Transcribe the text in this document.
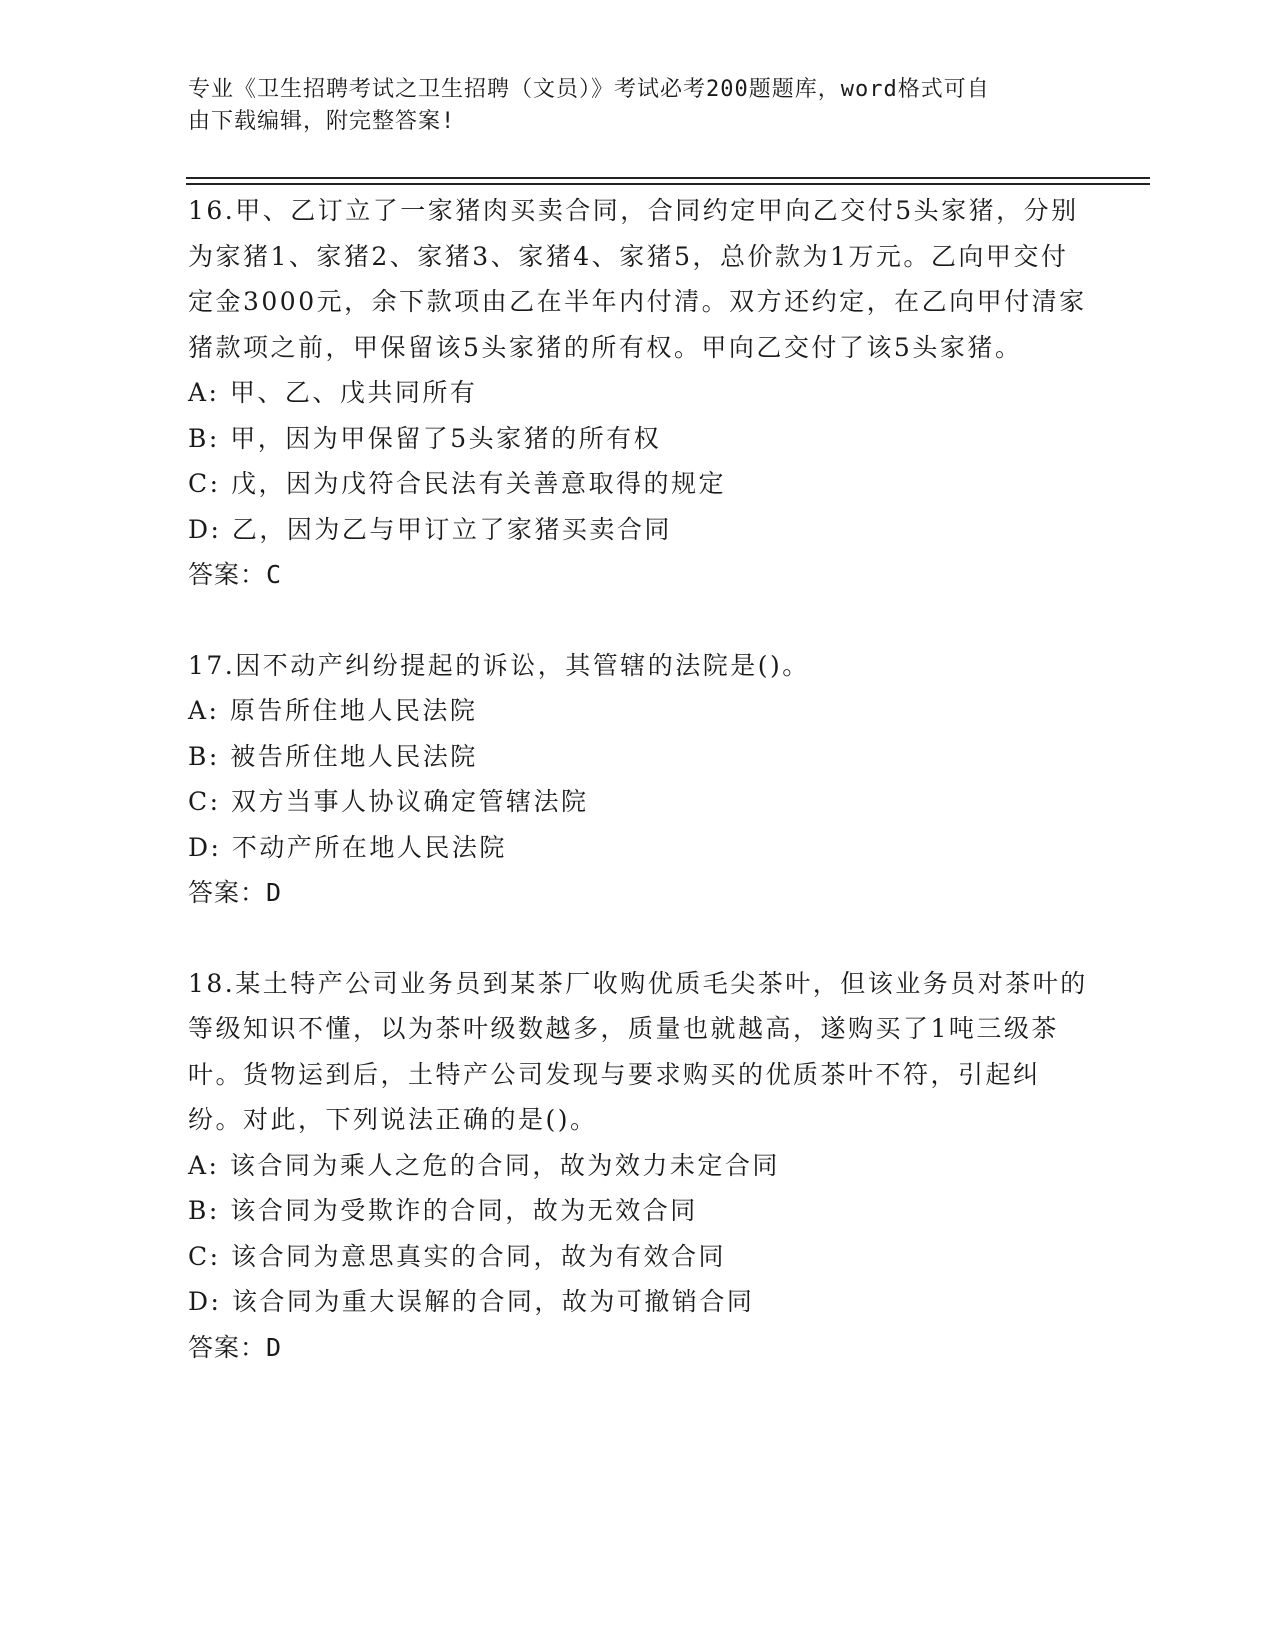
专业《卫生招聘考试之卫生招聘（文员）》考试必考200题题库，word格式可自
由下载编辑，附完整答案!

16.甲、乙订立了一家猪肉买卖合同，合同约定甲向乙交付5头家猪，分别为家猪1、家猪2、家猪3、家猪4、家猪5，总价款为1万元。乙向甲交付定金3000元，余下款项由乙在半年内付清。双方还约定，在乙向甲付清家猪款项之前，甲保留该5头家猪的所有权。甲向乙交付了该5头家猪。

A: 甲、乙、戊共同所有

B: 甲，因为甲保留了5头家猪的所有权

C: 戊，因为戊符合民法有关善意取得的规定

D: 乙，因为乙与甲订立了家猪买卖合同

答案：C

17.因不动产纠纷提起的诉讼，其管辖的法院是()。

A: 原告所住地人民法院

B: 被告所住地人民法院

C: 双方当事人协议确定管辖法院

D: 不动产所在地人民法院

答案：D

18.某土特产公司业务员到某茶厂收购优质毛尖茶叶，但该业务员对茶叶的等级知识不懂，以为茶叶级数越多，质量也就越高，遂购买了1吨三级茶叶。货物运到后，土特产公司发现与要求购买的优质茶叶不符，引起纠纷。对此，下列说法正确的是()。

A: 该合同为乘人之危的合同，故为效力未定合同

B: 该合同为受欺诈的合同，故为无效合同

C: 该合同为意思真实的合同，故为有效合同

D: 该合同为重大误解的合同，故为可撤销合同

答案：D
